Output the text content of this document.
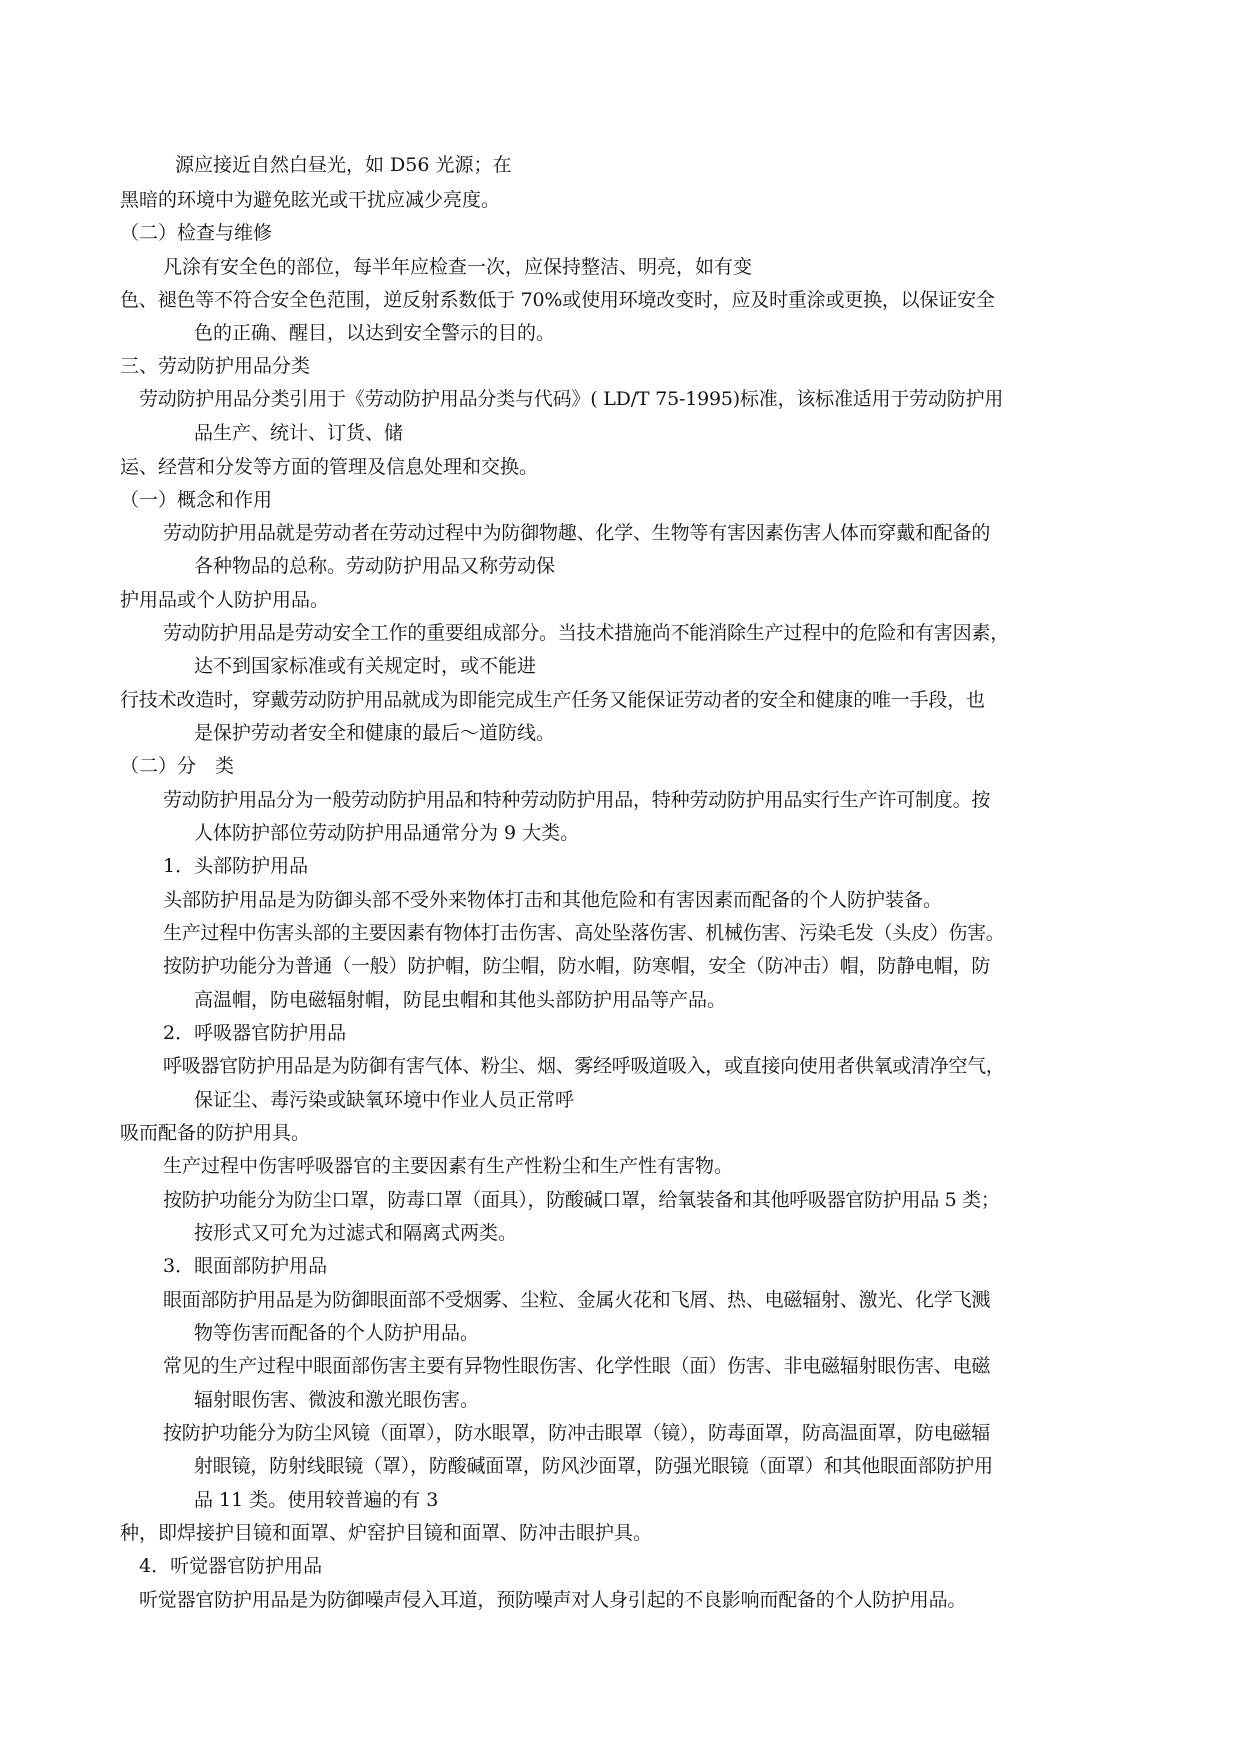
源应接近自然白昼光，如 D56 光源；在
黑暗的环境中为避免眩光或干扰应减少亮度。
（二）检查与维修
凡涂有安全色的部位，每半年应检查一次，应保持整洁、明亮，如有变
色、褪色等不符合安全色范围，逆反射系数低于 70%或使用环境改变时，应及时重涂或更换，以保证安全
色的正确、醒目，以达到安全警示的目的。
三、劳动防护用品分类
劳动防护用品分类引用于《劳动防护用品分类与代码》( LD/T 75-1995)标准，该标准适用于劳动防护用
品生产、统计、订货、储
运、经营和分发等方面的管理及信息处理和交换。
（一）概念和作用
劳动防护用品就是劳动者在劳动过程中为防御物趣、化学、生物等有害因素伤害人体而穿戴和配备的
各种物品的总称。劳动防护用品又称劳动保
护用品或个人防护用品。
劳动防护用品是劳动安全工作的重要组成部分。当技术措施尚不能消除生产过程中的危险和有害因素，
达不到国家标准或有关规定时，或不能进
行技术改造时，穿戴劳动防护用品就成为即能完成生产任务又能保证劳动者的安全和健康的唯一手段，也
是保护劳动者安全和健康的最后～道防线。
（二）分　类
劳动防护用品分为一般劳动防护用品和特种劳动防护用品，特种劳动防护用品实行生产许可制度。按
人体防护部位劳动防护用品通常分为 9 大类。
1．头部防护用品
头部防护用品是为防御头部不受外来物体打击和其他危险和有害因素而配备的个人防护装备。
生产过程中伤害头部的主要因素有物体打击伤害、高处坠落伤害、机械伤害、污染毛发（头皮）伤害。
按防护功能分为普通（一般）防护帽，防尘帽，防水帽，防寒帽，安全（防冲击）帽，防静电帽，防
高温帽，防电磁辐射帽，防昆虫帽和其他头部防护用品等产品。
2．呼吸器官防护用品
呼吸器官防护用品是为防御有害气体、粉尘、烟、雾经呼吸道吸入，或直接向使用者供氧或清净空气，
保证尘、毒污染或缺氧环境中作业人员正常呼
吸而配备的防护用具。
生产过程中伤害呼吸器官的主要因素有生产性粉尘和生产性有害物。
按防护功能分为防尘口罩，防毒口罩（面具），防酸碱口罩，给氧装备和其他呼吸器官防护用品 5 类；
按形式又可允为过滤式和隔离式两类。
3．眼面部防护用品
眼面部防护用品是为防御眼面部不受烟雾、尘粒、金属火花和飞屑、热、电磁辐射、激光、化学飞溅
物等伤害而配备的个人防护用品。
常见的生产过程中眼面部伤害主要有异物性眼伤害、化学性眼（面）伤害、非电磁辐射眼伤害、电磁
辐射眼伤害、微波和激光眼伤害。
按防护功能分为防尘风镜（面罩），防水眼罩，防冲击眼罩（镜），防毒面罩，防高温面罩，防电磁辐
射眼镜，防射线眼镜（罩），防酸碱面罩，防风沙面罩，防强光眼镜（面罩）和其他眼面部防护用
品 11 类。使用较普遍的有 3
种，即焊接护目镜和面罩、炉窑护目镜和面罩、防冲击眼护具。
4．听觉器官防护用品
听觉器官防护用品是为防御噪声侵入耳道，预防噪声对人身引起的不良影响而配备的个人防护用品。
